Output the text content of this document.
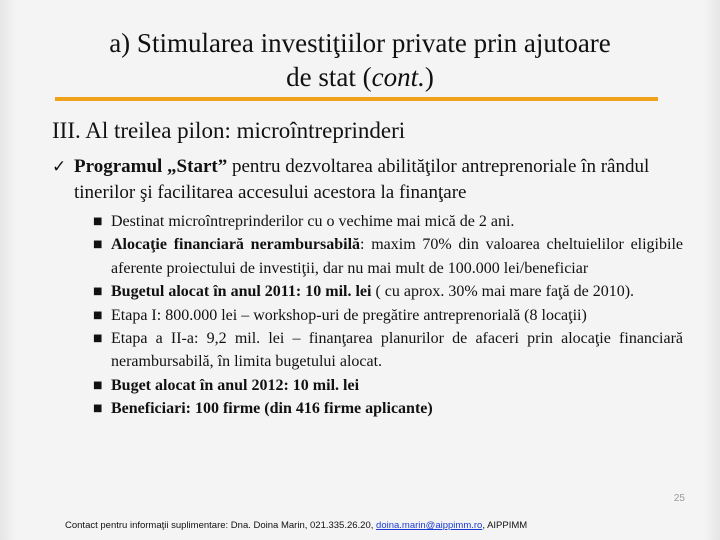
a) Stimularea investiţiilor private prin ajutoare
de stat (cont.)
III. Al treilea pilon: microîntreprinderi
✓ Programul „Start” pentru dezvoltarea abilităţilor antreprenoriale în rândul tinerilor şi facilitarea accesului acestora la finanţare
■ Destinat microîntreprinderilor cu o vechime mai mică de 2 ani.
■ Alocaţie financiară nerambursabilă: maxim 70% din valoarea cheltuielilor eligibile aferente proiectului de investiţii, dar nu mai mult de 100.000 lei/beneficiar
■ Bugetul alocat în anul 2011: 10 mil. lei ( cu aprox. 30% mai mare faţă de 2010).
■ Etapa I: 800.000 lei – workshop-uri de pregătire antreprenorială (8 locaţii)
■ Etapa a II-a: 9,2 mil. lei – finanţarea planurilor de afaceri prin alocaţie financiară nerambursabilă, în limita bugetului alocat.
■ Buget alocat în anul 2012: 10 mil. lei
■ Beneficiari: 100 firme (din 416 firme aplicante)
25
Contact pentru informaţii suplimentare: Dna. Doina Marin, 021.335.26.20, doina.marin@aippimm.ro, AIPPIMM
